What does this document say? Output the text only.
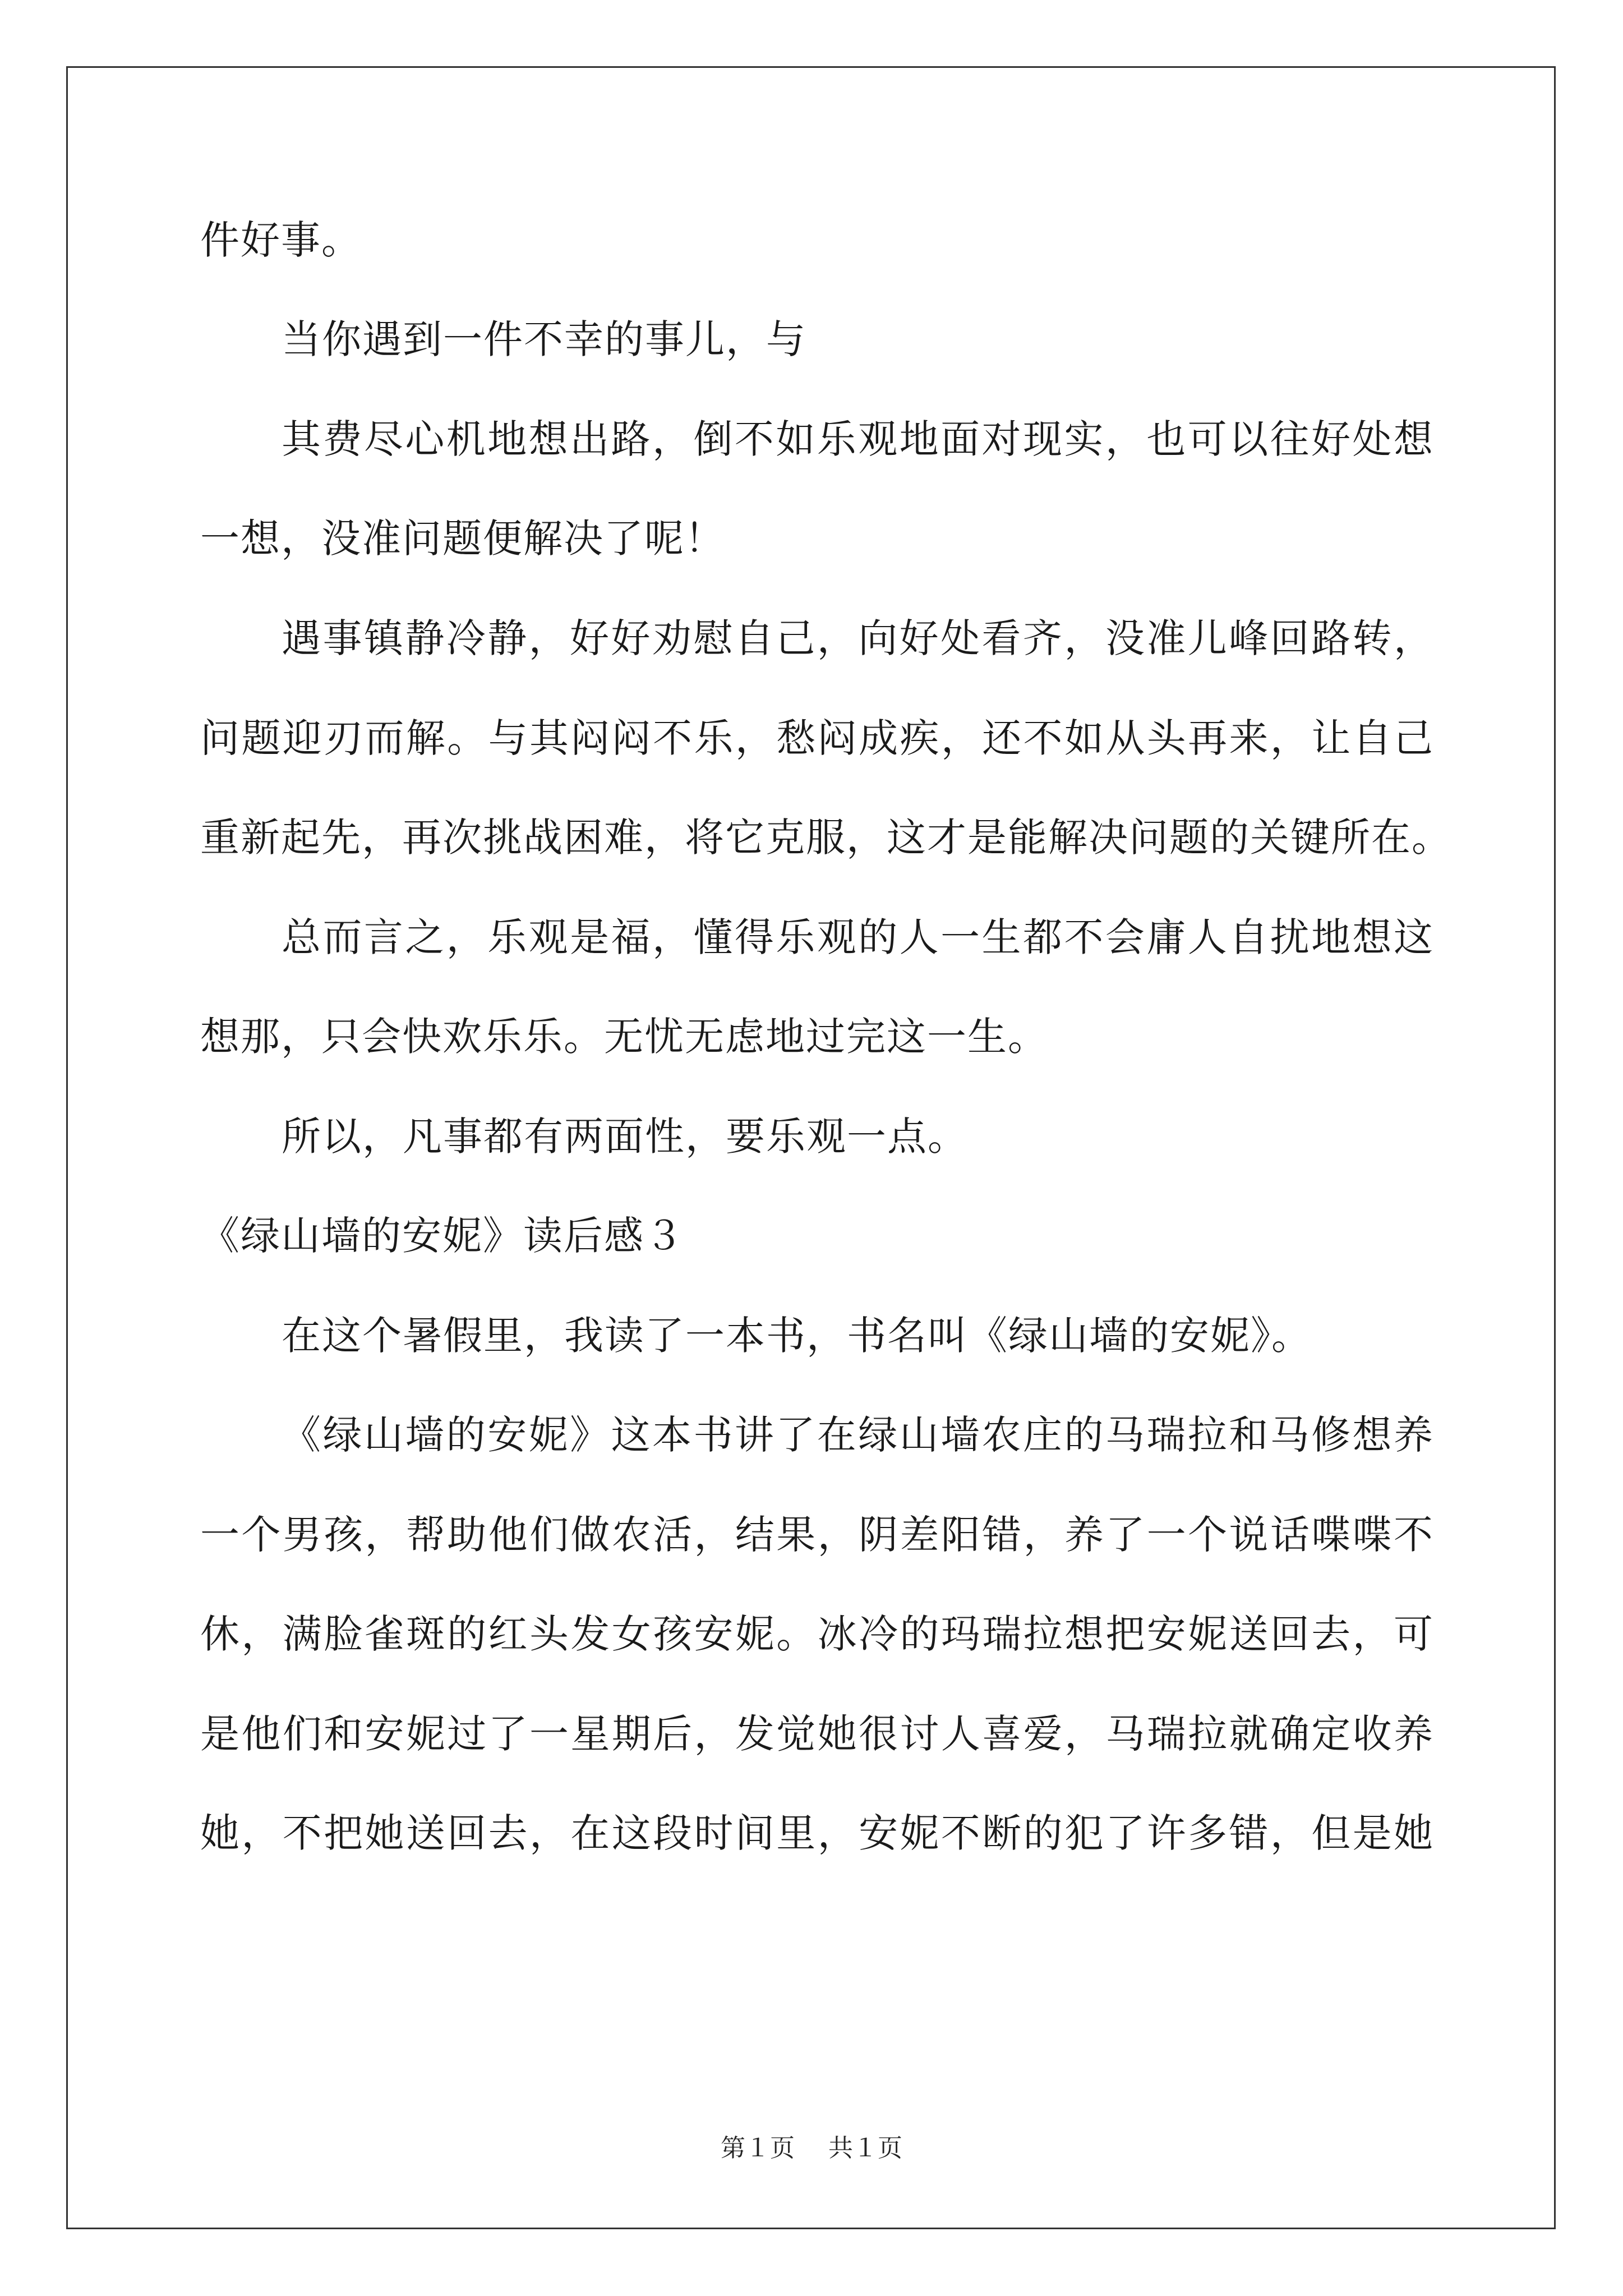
件好事。
当你遇到一件不幸的事儿，与
其费尽心机地想出路，倒不如乐观地面对现实，也可以往好处想
一想，没准问题便解决了呢！
遇事镇静冷静，好好劝慰自己，向好处看齐，没准儿峰回路转，
问题迎刃而解。与其闷闷不乐，愁闷成疾，还不如从头再来，让自己
重新起先，再次挑战困难，将它克服，这才是能解决问题的关键所在。
总而言之，乐观是福，懂得乐观的人一生都不会庸人自扰地想这
想那，只会快欢乐乐。无忧无虑地过完这一生。
所以，凡事都有两面性，要乐观一点。
《绿山墙的安妮》读后感３
在这个暑假里，我读了一本书，书名叫《绿山墙的安妮》。
《绿山墙的安妮》这本书讲了在绿山墙农庄的马瑞拉和马修想养
一个男孩，帮助他们做农活，结果，阴差阳错，养了一个说话喋喋不
休，满脸雀斑的红头发女孩安妮。冰冷的玛瑞拉想把安妮送回去，可
是他们和安妮过了一星期后，发觉她很讨人喜爱，马瑞拉就确定收养
她，不把她送回去，在这段时间里，安妮不断的犯了许多错，但是她
第１页 共１页
